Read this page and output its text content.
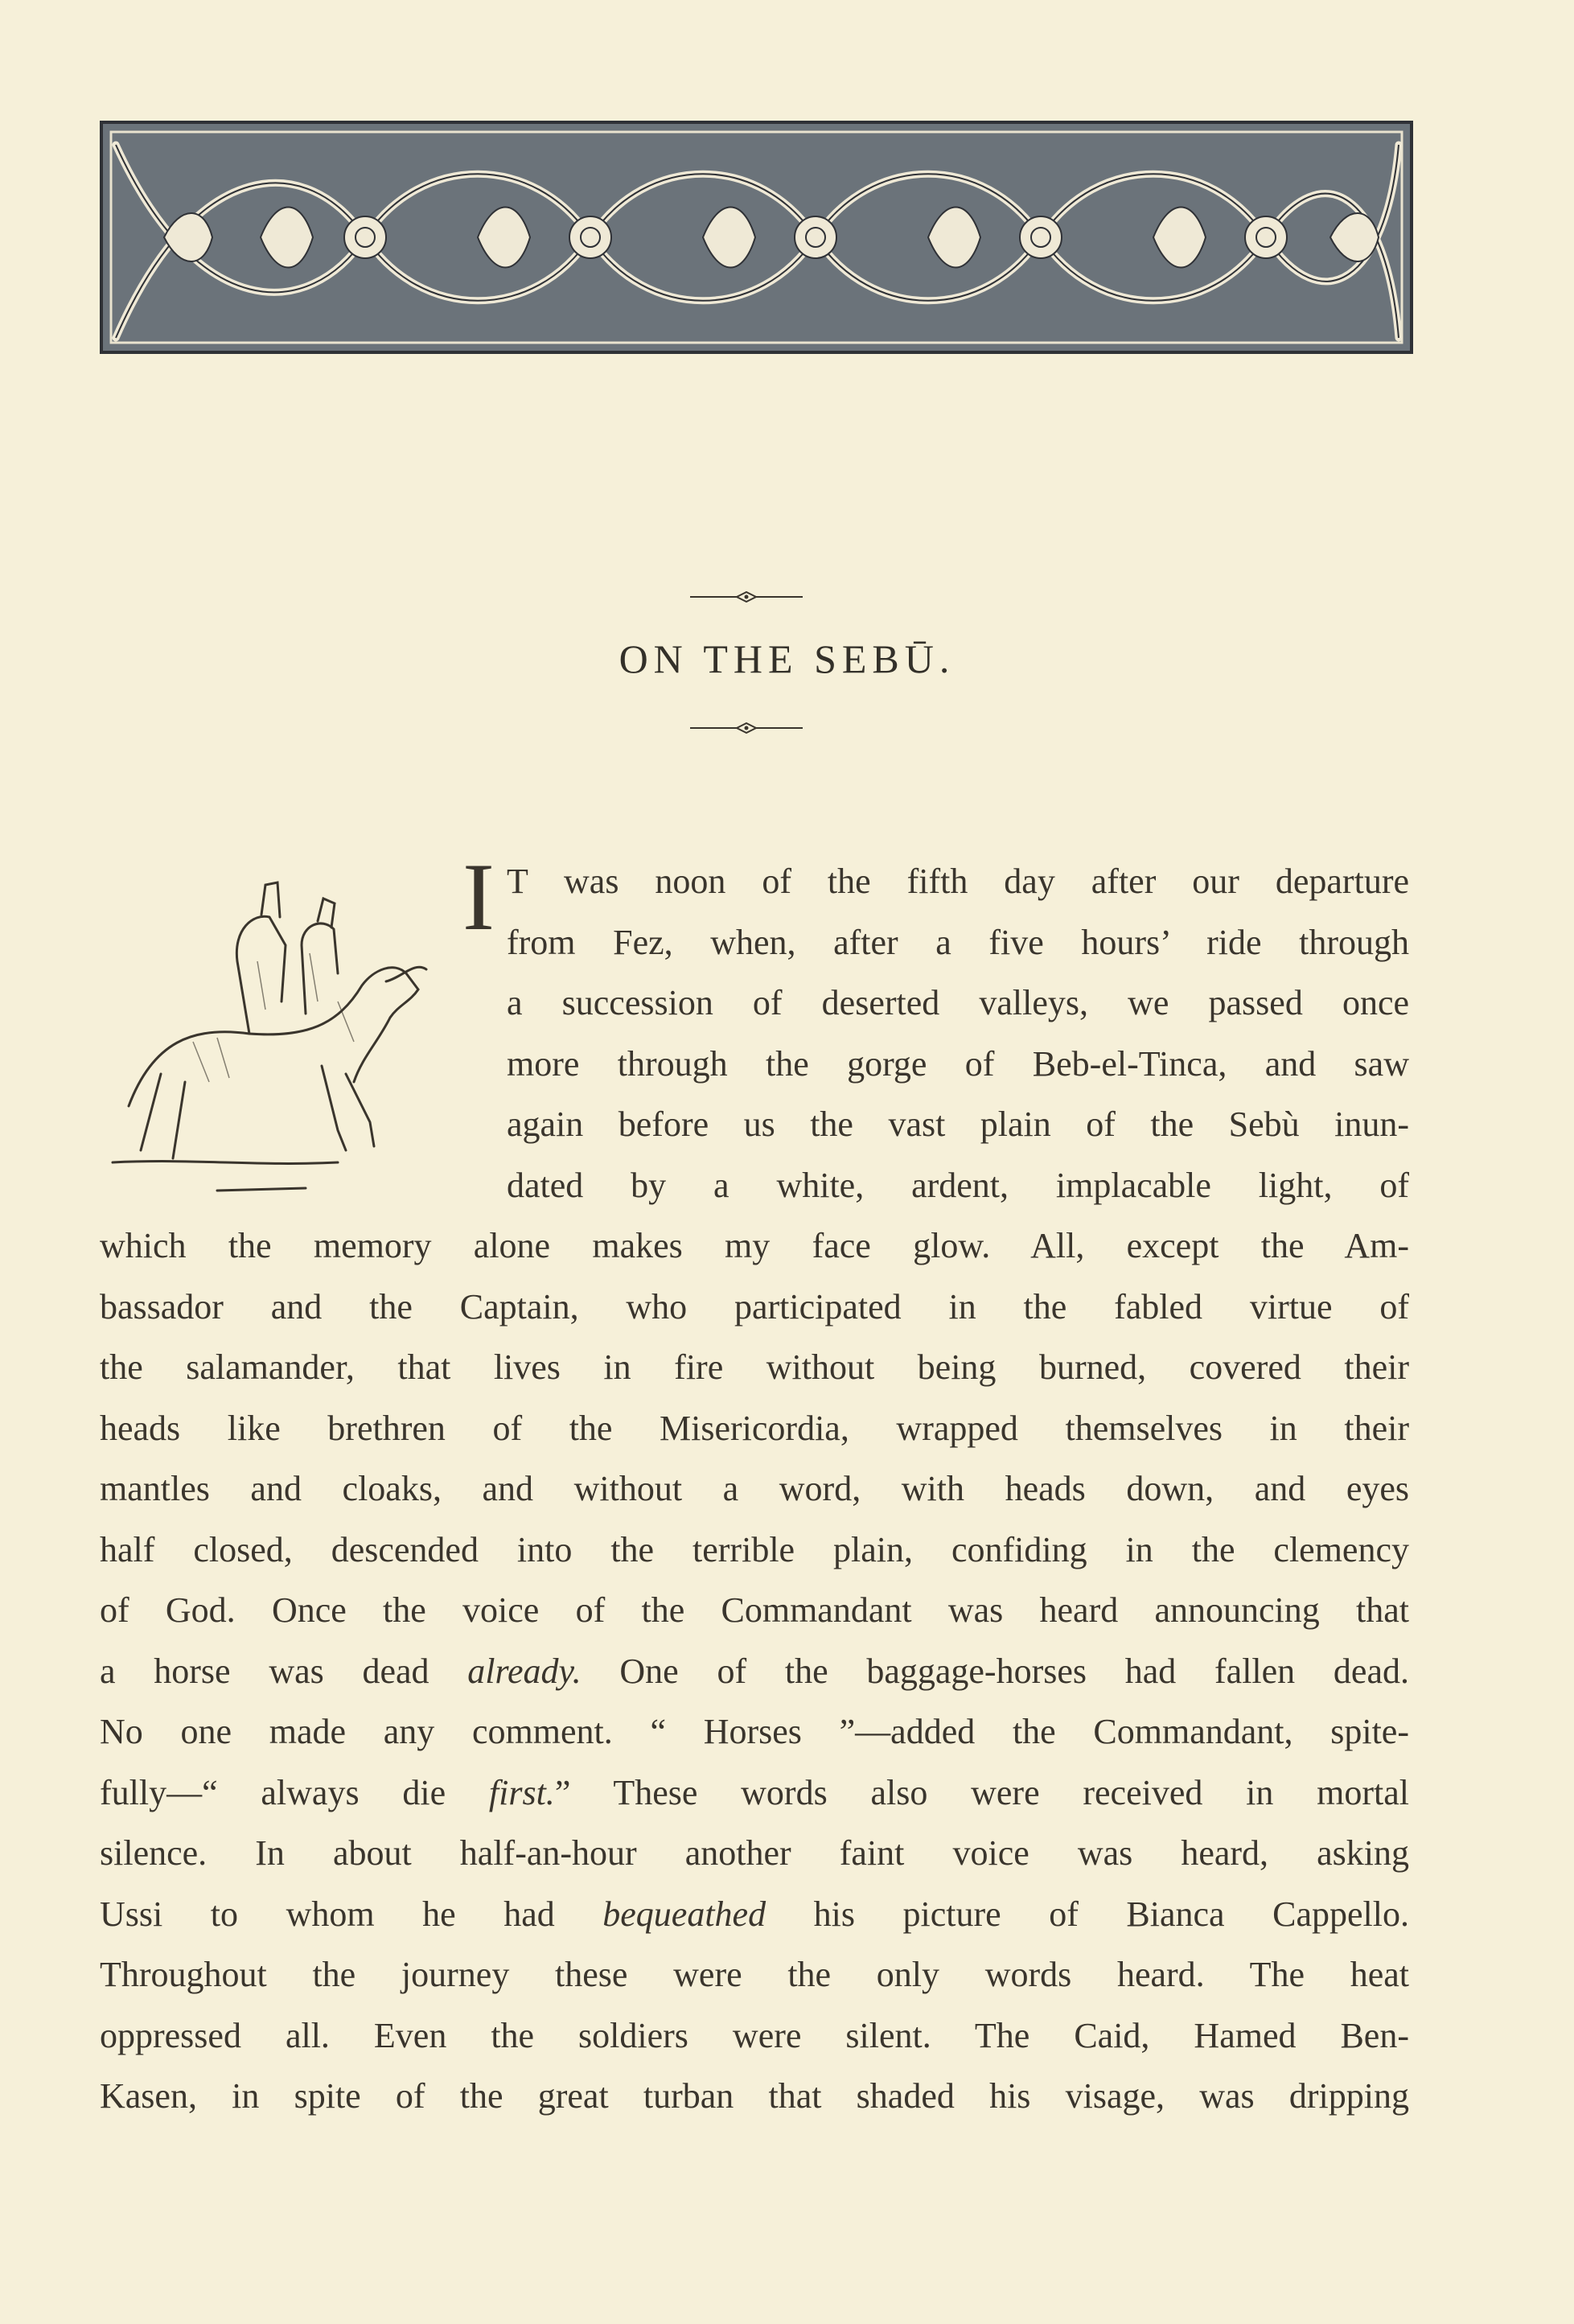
ON THE SEBŪ.
I T was noon of the fifth day after our departure
from Fez, when, after a five hours’ ride through
a succession of deserted valleys, we passed once
more through the gorge of Beb-el-Tinca, and saw
again before us the vast plain of the Sebù inun-
dated by a white, ardent, implacable light, of
which the memory alone makes my face glow. All, except the Am-
bassador and the Captain, who participated in the fabled virtue of
the salamander, that lives in fire without being burned, covered their
heads like brethren of the Misericordia, wrapped themselves in their
mantles and cloaks, and without a word, with heads down, and eyes
half closed, descended into the terrible plain, confiding in the clemency
of God. Once the voice of the Commandant was heard announcing that
a horse was dead already. One of the baggage-horses had fallen dead.
No one made any comment. “ Horses ”—added the Commandant, spite-
fully—“ always die first.” These words also were received in mortal
silence. In about half-an-hour another faint voice was heard, asking
Ussi to whom he had bequeathed his picture of Bianca Cappello.
Throughout the journey these were the only words heard. The heat
oppressed all. Even the soldiers were silent. The Caid, Hamed Ben-
Kasen, in spite of the great turban that shaded his visage, was dripping
